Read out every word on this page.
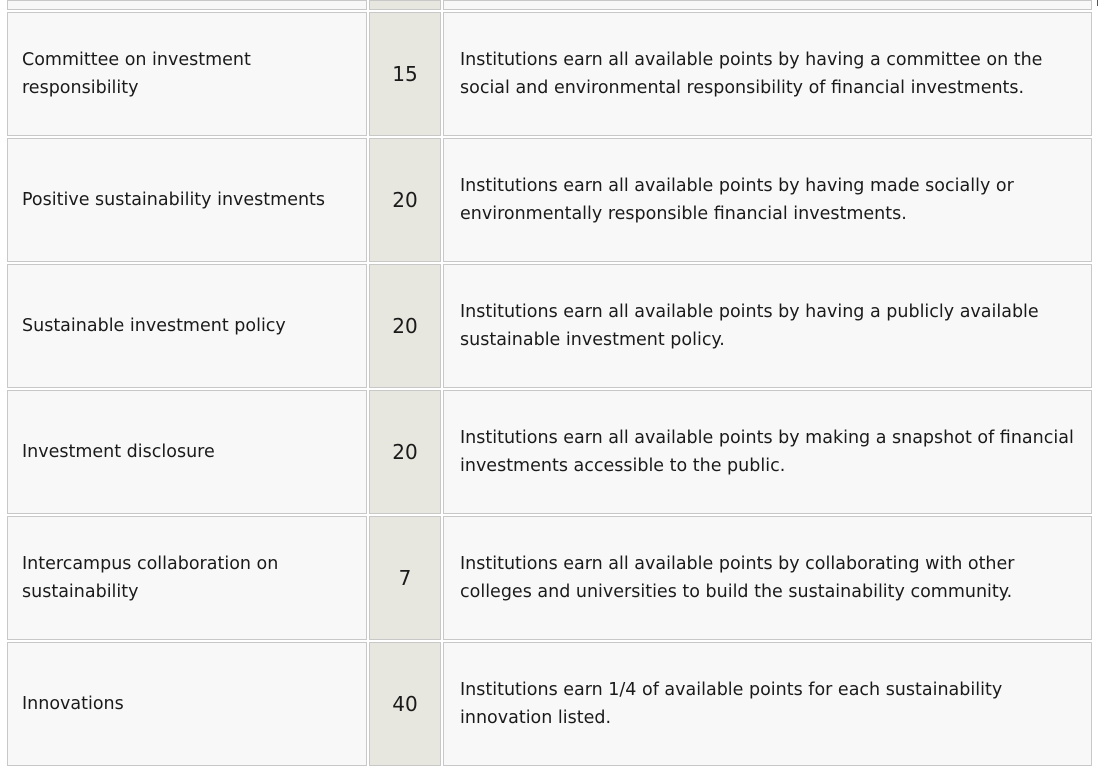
Committee on investment responsibility	15	Institutions earn all available points by having a committee on the social and environmental responsibility of financial investments.
Positive sustainability investments	20	Institutions earn all available points by having made socially or environmentally responsible financial investments.
Sustainable investment policy	20	Institutions earn all available points by having a publicly available sustainable investment policy.
Investment disclosure	20	Institutions earn all available points by making a snapshot of financial investments accessible to the public.
Intercampus collaboration on sustainability	7	Institutions earn all available points by collaborating with other colleges and universities to build the sustainability community.
Innovations	40	Institutions earn 1/4 of available points for each sustainability innovation listed.
